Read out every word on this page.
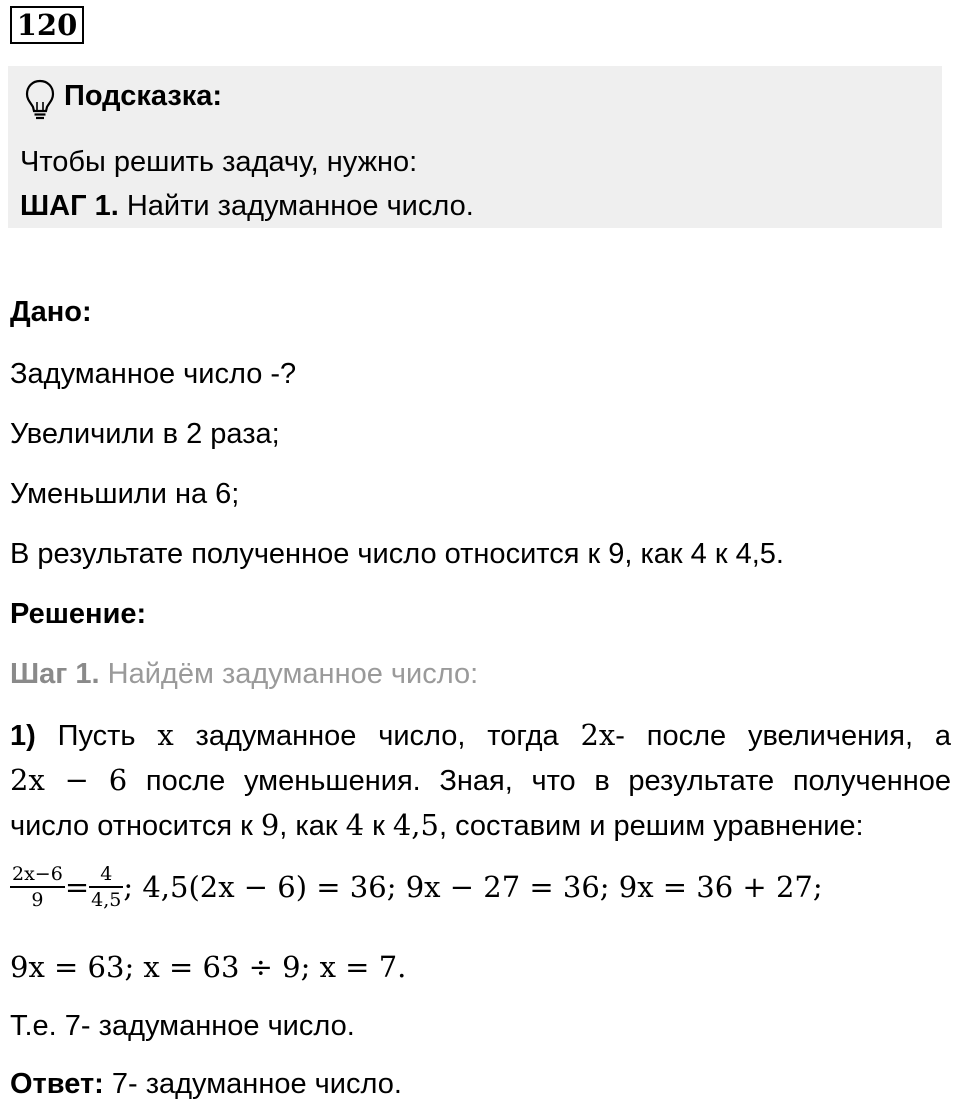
120
Подсказка:
Чтобы решить задачу, нужно:
ШАГ 1. Найти задуманное число.
Дано:
Задуманное число -?
Увеличили в 2 раза;
Уменьшили на 6;
В результате полученное число относится к 9, как 4 к 4,5.
Решение:
Шаг 1. Найдём задуманное число:
1) Пусть x задуманное число, тогда 2x- после увеличения, а
2x − 6 после уменьшения. Зная, что в результате полученное
число относится к 9, как 4 к 4,5, составим и решим уравнение:
$\frac{2x-6}{9} = \frac{4}{4,5}$ ; 4,5(2x − 6) = 36; 9x − 27 = 36; 9x = 36 + 27;
9x = 63; x = 63 ÷ 9; x = 7.
Т.е. 7- задуманное число.
Ответ: 7- задуманное число.
